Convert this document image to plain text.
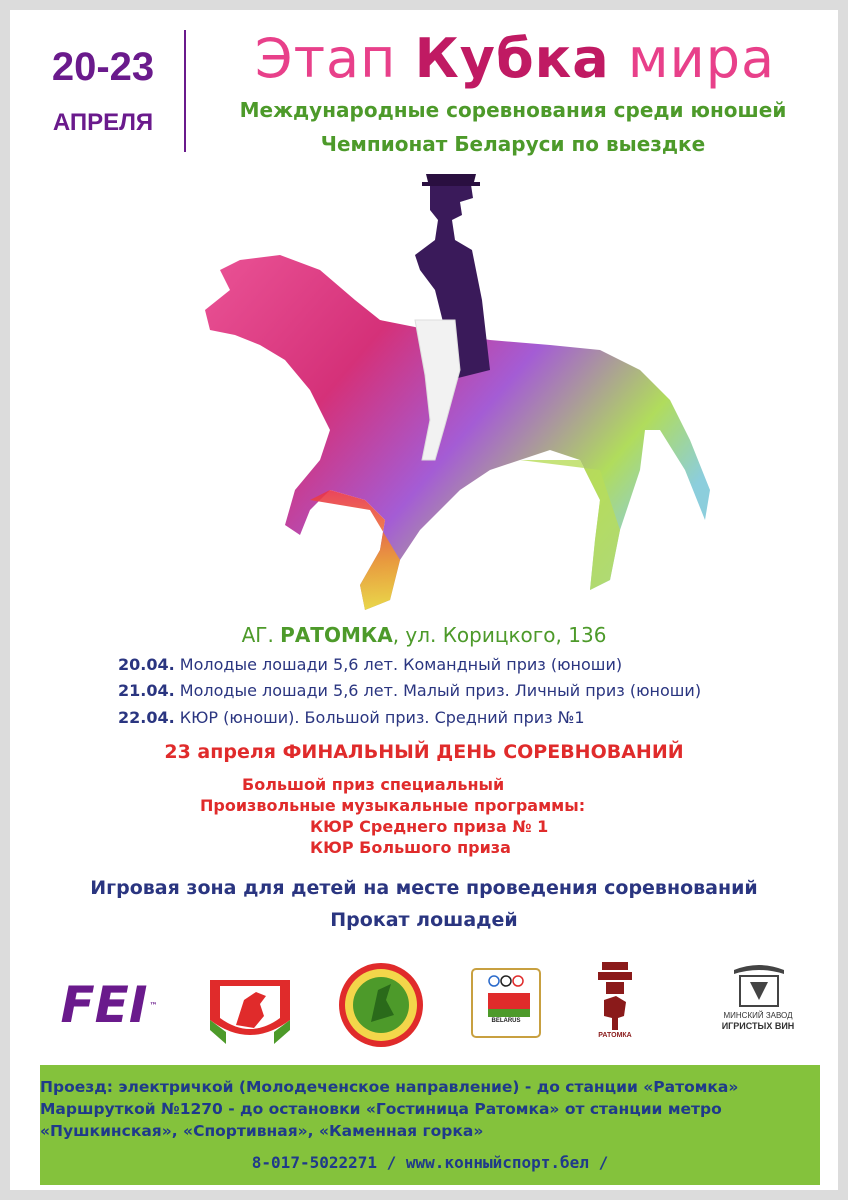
20-23
АПРЕЛЯ
Этап Кубка мира
Международные соревнования среди юношей
Чемпионат Беларуси по выездке
АГ. РАТОМКА, ул. Корицкого, 136
20.04. Молодые лошади 5,6 лет. Командный приз (юноши)
21.04. Молодые лошади 5,6 лет. Малый приз. Личный приз (юноши)
22.04. КЮР (юноши). Большой приз. Средний приз №1
23 апреля ФИНАЛЬНЫЙ ДЕНЬ СОРЕВНОВАНИЙ
Большой приз специальный
Произвольные музыкальные программы:
КЮР Среднего приза № 1
КЮР Большого приза
Игровая зона для детей на месте проведения соревнований
Прокат лошадей
FEI ™
BELARUS
РАТОМКА
МИНСКИЙ ЗАВОД
ИГРИСТЫХ ВИН
Проезд: электричкой (Молодеченское направление) - до станции «Ратомка»
Маршруткой №1270 - до остановки «Гостиница Ратомка» от станции метро
«Пушкинская», «Спортивная», «Каменная горка»
8-017-5022271 / www.конныйспорт.бел /
